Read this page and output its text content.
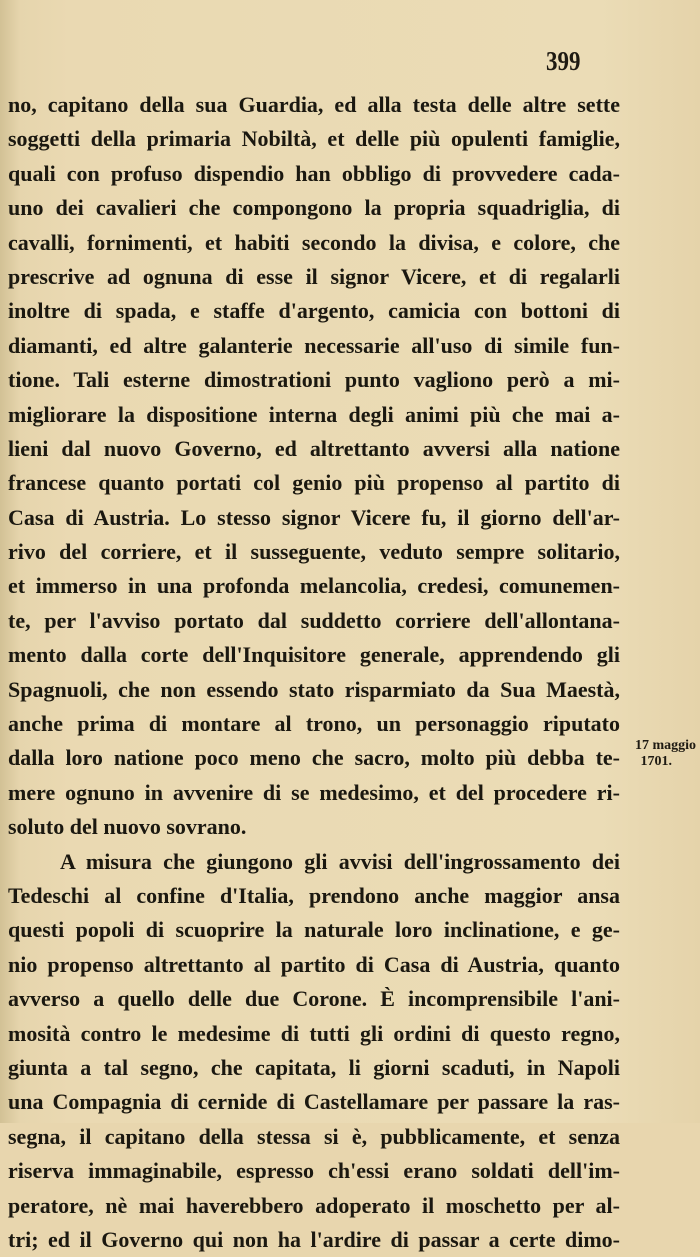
399
no, capitano della sua Guardia, ed alla testa delle altre sette
soggetti della primaria Nobiltà, et delle più opulenti famiglie,
quali con profuso dispendio han obbligo di provvedere cada-
uno dei cavalieri che compongono la propria squadriglia, di
cavalli, fornimenti, et habiti secondo la divisa, e colore, che
prescrive ad ognuna di esse il signor Vicere, et di regalarli
inoltre di spada, e staffe d'argento, camicia con bottoni di
diamanti, ed altre galanterie necessarie all'uso di simile fun-
tione. Tali esterne dimostrationi punto vagliono però a mi-
migliorare la dispositione interna degli animi più che mai a-
lieni dal nuovo Governo, ed altrettanto avversi alla natione
francese quanto portati col genio più propenso al partito di
Casa di Austria. Lo stesso signor Vicere fu, il giorno dell'ar-
rivo del corriere, et il susseguente, veduto sempre solitario,
et immerso in una profonda melancolia, credesi, comunemen-
te, per l'avviso portato dal suddetto corriere dell'allontana-
mento dalla corte dell'Inquisitore generale, apprendendo gli
Spagnuoli, che non essendo stato risparmiato da Sua Maestà,
anche prima di montare al trono, un personaggio riputato
dalla loro natione poco meno che sacro, molto più debba te-
mere ognuno in avvenire di se medesimo, et del procedere ri-
soluto del nuovo sovrano.
A misura che giungono gli avvisi dell'ingrossamento dei
Tedeschi al confine d'Italia, prendono anche maggior ansa
questi popoli di scuoprire la naturale loro inclinatione, e ge-
nio propenso altrettanto al partito di Casa di Austria, quanto
avverso a quello delle due Corone. È incomprensibile l'ani-
mosità contro le medesime di tutti gli ordini di questo regno,
giunta a tal segno, che capitata, li giorni scaduti, in Napoli
una Compagnia di cernide di Castellamare per passare la ras-
segna, il capitano della stessa si è, pubblicamente, et senza
riserva immaginabile, espresso ch'essi erano soldati dell'im-
peratore, nè mai haverebbero adoperato il moschetto per al-
tri; ed il Governo qui non ha l'ardire di passar a certe dimo-
17 maggio
1701.
